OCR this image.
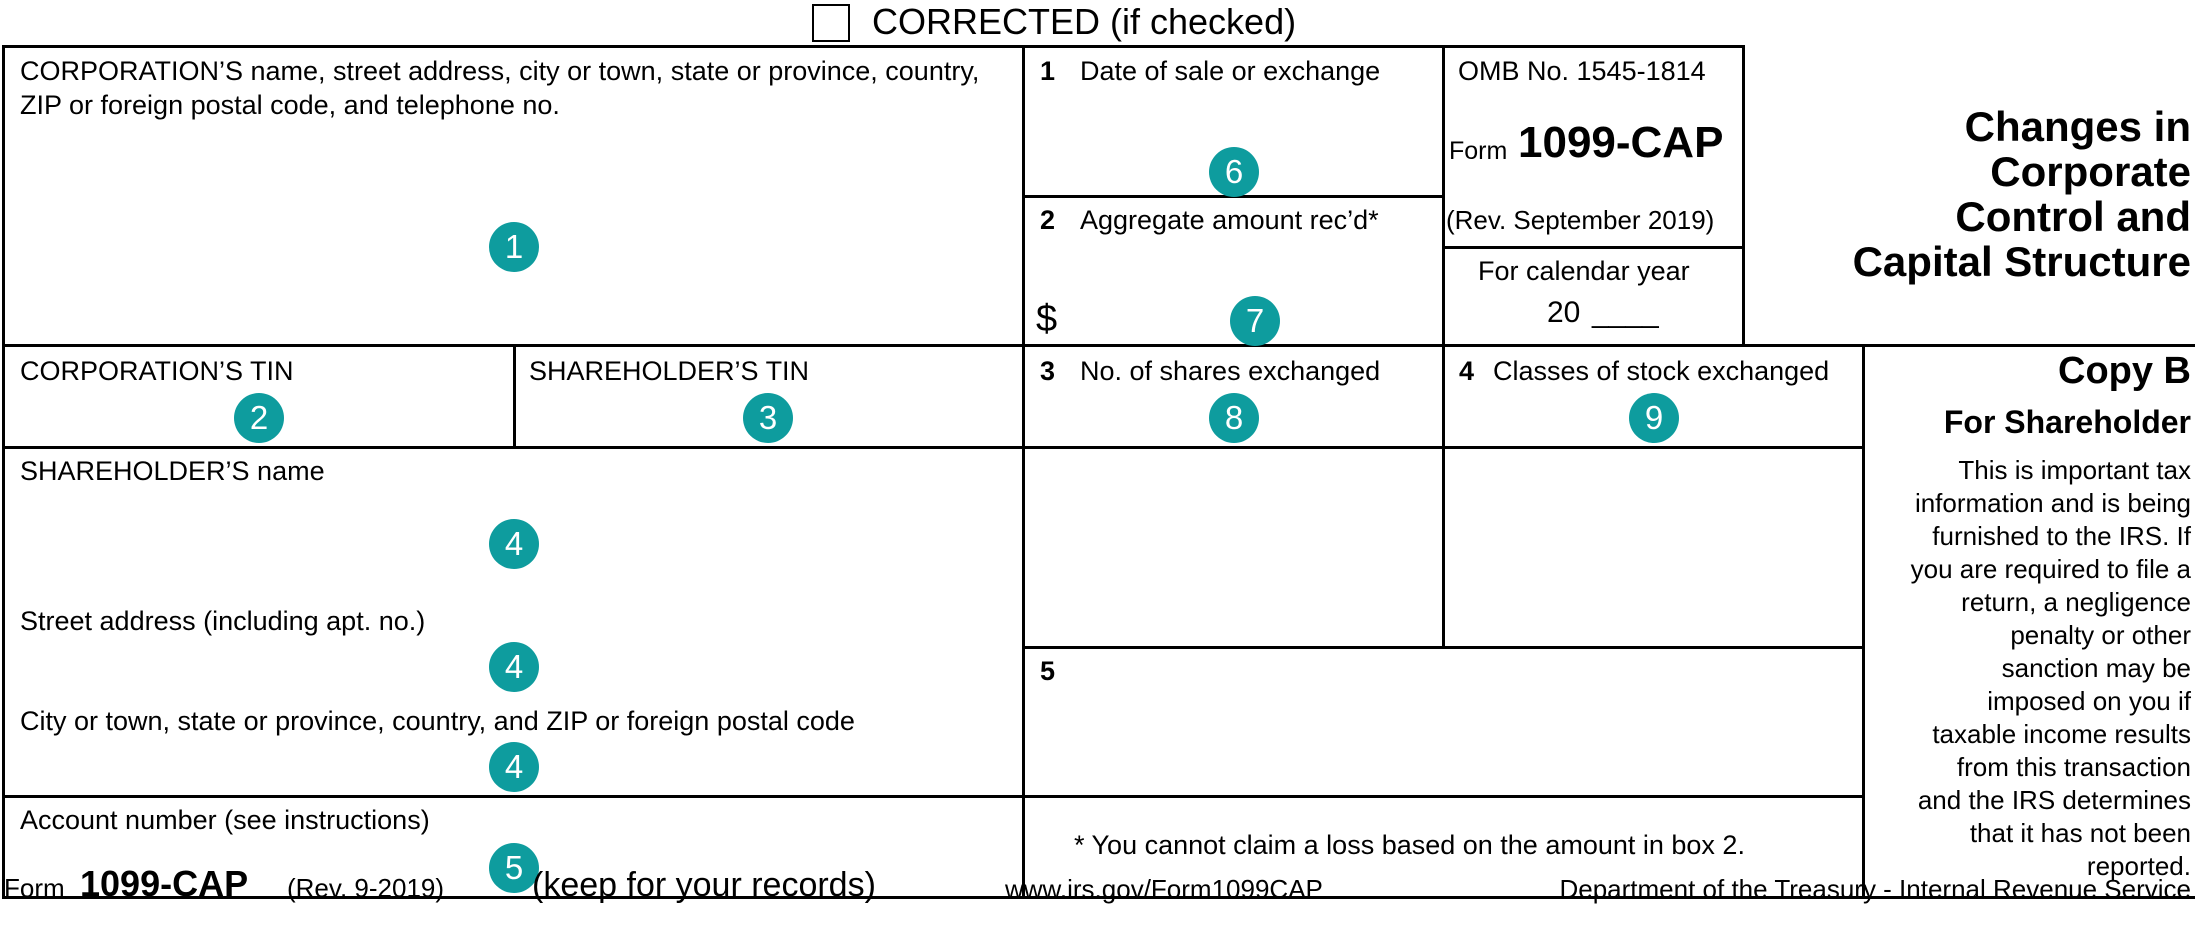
CORRECTED (if checked)
CORPORATION’S name, street address, city or town, state or province, country, ZIP or foreign postal code, and telephone no.
CORPORATION’S TIN	SHAREHOLDER’S TIN
SHAREHOLDER’S name
Street address (including apt. no.)
City or town, state or province, country, and ZIP or foreign postal code
Account number (see instructions)
1 Date of sale or exchange
2 Aggregate amount rec’d*
$
3 No. of shares exchanged	4 Classes of stock exchanged
5
* You cannot claim a loss based on the amount in box 2.
OMB No. 1545-1814
Form 1099-CAP
(Rev. September 2019)
For calendar year
20 ____
Changes in
Corporate
Control and
Capital Structure
Copy B
For Shareholder
This is important tax
information and is being
furnished to the IRS. If
you are required to file a
return, a negligence
penalty or other
sanction may be
imposed on you if
taxable income results
from this transaction
and the IRS determines
that it has not been
reported.
1
2	3
4
4
4
5
6
7
8	9
Form 1099-CAP (Rev. 9-2019)	(keep for your records)	www.irs.gov/Form1099CAP	Department of the Treasury - Internal Revenue Service
